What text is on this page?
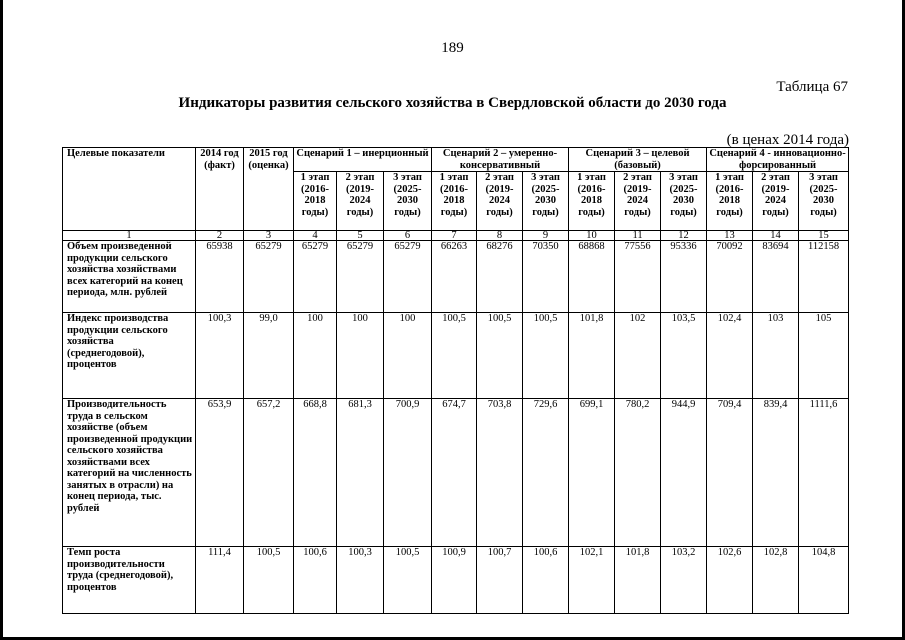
189
Таблица 67
Индикаторы развития сельского хозяйства в Свердловской области до 2030 года
(в ценах 2014 года)
Целевые показатели	2014 год (факт)	2015 год (оценка)	Сценарий 1 – инерционный			Сценарий 2 – умеренно-консервативный			Сценарий 3 – целевой (базовый)			Сценарий 4 - инновационно-форсированный		
			1 этап (2016-2018 годы)	2 этап (2019-2024 годы)	3 этап (2025-2030 годы)	1 этап (2016-2018 годы)	2 этап (2019-2024 годы)	3 этап (2025-2030 годы)	1 этап (2016-2018 годы)	2 этап (2019-2024 годы)	3 этап (2025-2030 годы)	1 этап (2016-2018 годы)	2 этап (2019-2024 годы)	3 этап (2025-2030 годы)
1	2	3	4	5	6	7	8	9	10	11	12	13	14	15
Объем произведенной продукции сельского хозяйства хозяйствами всех категорий на конец периода, млн. рублей	65938	65279	65279	65279	65279	66263	68276	70350	68868	77556	95336	70092	83694	112158
Индекс производства продукции сельского хозяйства (среднегодовой), процентов	100,3	99,0	100	100	100	100,5	100,5	100,5	101,8	102	103,5	102,4	103	105
Производительность труда в сельском хозяйстве (объем произведенной продукции сельского хозяйства хозяйствами всех категорий на численность занятых в отрасли) на конец периода, тыс. рублей	653,9	657,2	668,8	681,3	700,9	674,7	703,8	729,6	699,1	780,2	944,9	709,4	839,4	1111,6
Темп роста производительности труда (среднегодовой), процентов	111,4	100,5	100,6	100,3	100,5	100,9	100,7	100,6	102,1	101,8	103,2	102,6	102,8	104,8
